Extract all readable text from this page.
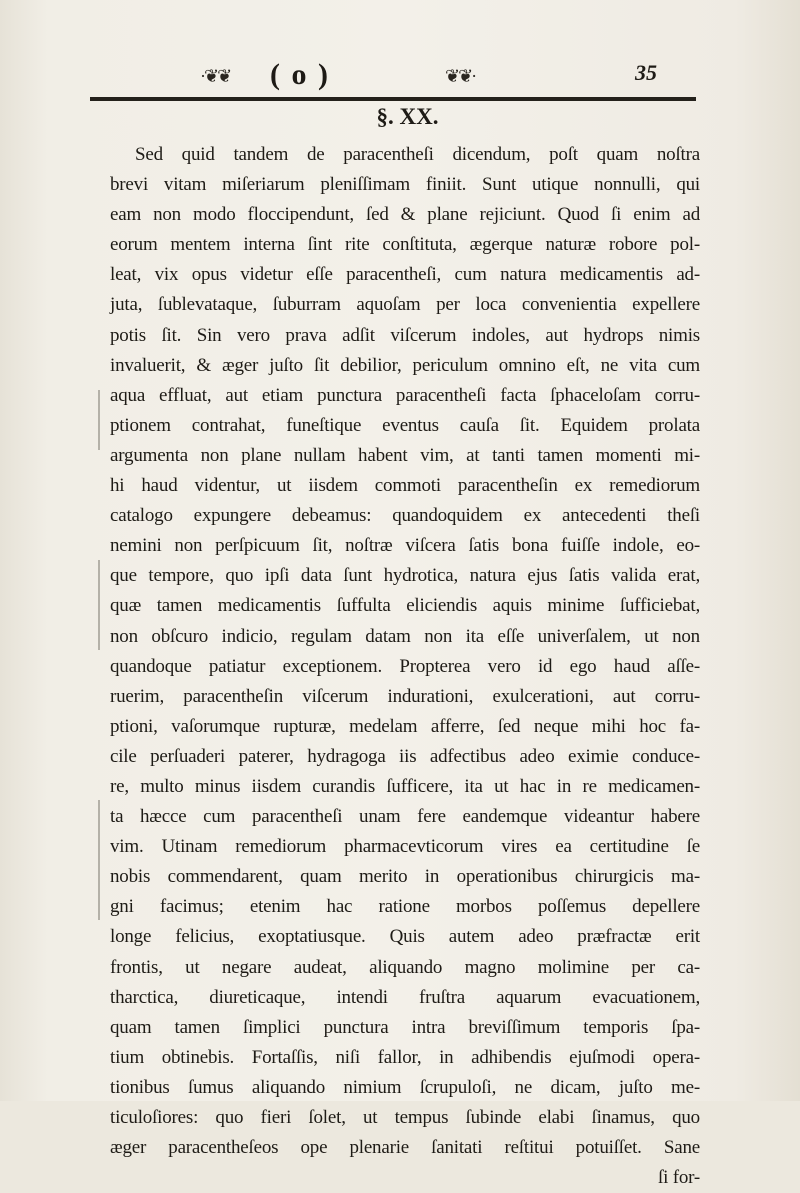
·❦❦ ( o )	❦❦·	35
§. XX.
Sed quid tandem de paracentheſi dicendum, poſt quam noſtra
brevi vitam miſeriarum pleniſſimam finiit. Sunt utique nonnulli, qui
eam non modo floccipendunt, ſed & plane rejiciunt. Quod ſi enim ad
eorum mentem interna ſint rite conſtituta, ægerque naturæ robore pol-
leat, vix opus videtur eſſe paracentheſi, cum natura medicamentis ad-
juta, ſublevataque, ſuburram aquoſam per loca convenientia expellere
potis ſit. Sin vero prava adſit viſcerum indoles, aut hydrops nimis
invaluerit, & æger juſto ſit debilior, periculum omnino eſt, ne vita cum
aqua effluat, aut etiam punctura paracentheſi facta ſphaceloſam corru-
ptionem contrahat, funeſtique eventus cauſa ſit. Equidem prolata
argumenta non plane nullam habent vim, at tanti tamen momenti mi-
hi haud videntur, ut iisdem commoti paracentheſin ex remediorum
catalogo expungere debeamus: quandoquidem ex antecedenti theſi
nemini non perſpicuum ſit, noſtræ viſcera ſatis bona fuiſſe indole, eo-
que tempore, quo ipſi data ſunt hydrotica, natura ejus ſatis valida erat,
quæ tamen medicamentis ſuffulta eliciendis aquis minime ſufficiebat,
non obſcuro indicio, regulam datam non ita eſſe univerſalem, ut non
quandoque patiatur exceptionem. Propterea vero id ego haud aſſe-
ruerim, paracentheſin viſcerum indurationi, exulcerationi, aut corru-
ptioni, vaſorumque rupturæ, medelam afferre, ſed neque mihi hoc fa-
cile perſuaderi paterer, hydragoga iis adfectibus adeo eximie conduce-
re, multo minus iisdem curandis ſufficere, ita ut hac in re medicamen-
ta hæcce cum paracentheſi unam fere eandemque videantur habere
vim. Utinam remediorum pharmacevticorum vires ea certitudine ſe
nobis commendarent, quam merito in operationibus chirurgicis ma-
gni facimus; etenim hac ratione morbos poſſemus depellere
longe felicius, exoptatiusque. Quis autem adeo præfractæ erit
frontis, ut negare audeat, aliquando magno molimine per ca-
tharctica, diureticaque, intendi fruſtra aquarum evacuationem,
quam tamen ſimplici punctura intra breviſſimum temporis ſpa-
tium obtinebis. Fortaſſis, niſi fallor, in adhibendis ejuſmodi opera-
tionibus ſumus aliquando nimium ſcrupuloſi, ne dicam, juſto me-
ticuloſiores: quo fieri ſolet, ut tempus ſubinde elabi ſinamus, quo
æger paracentheſeos ope plenarie ſanitati reſtitui potuiſſet. Sane
ſi for-
